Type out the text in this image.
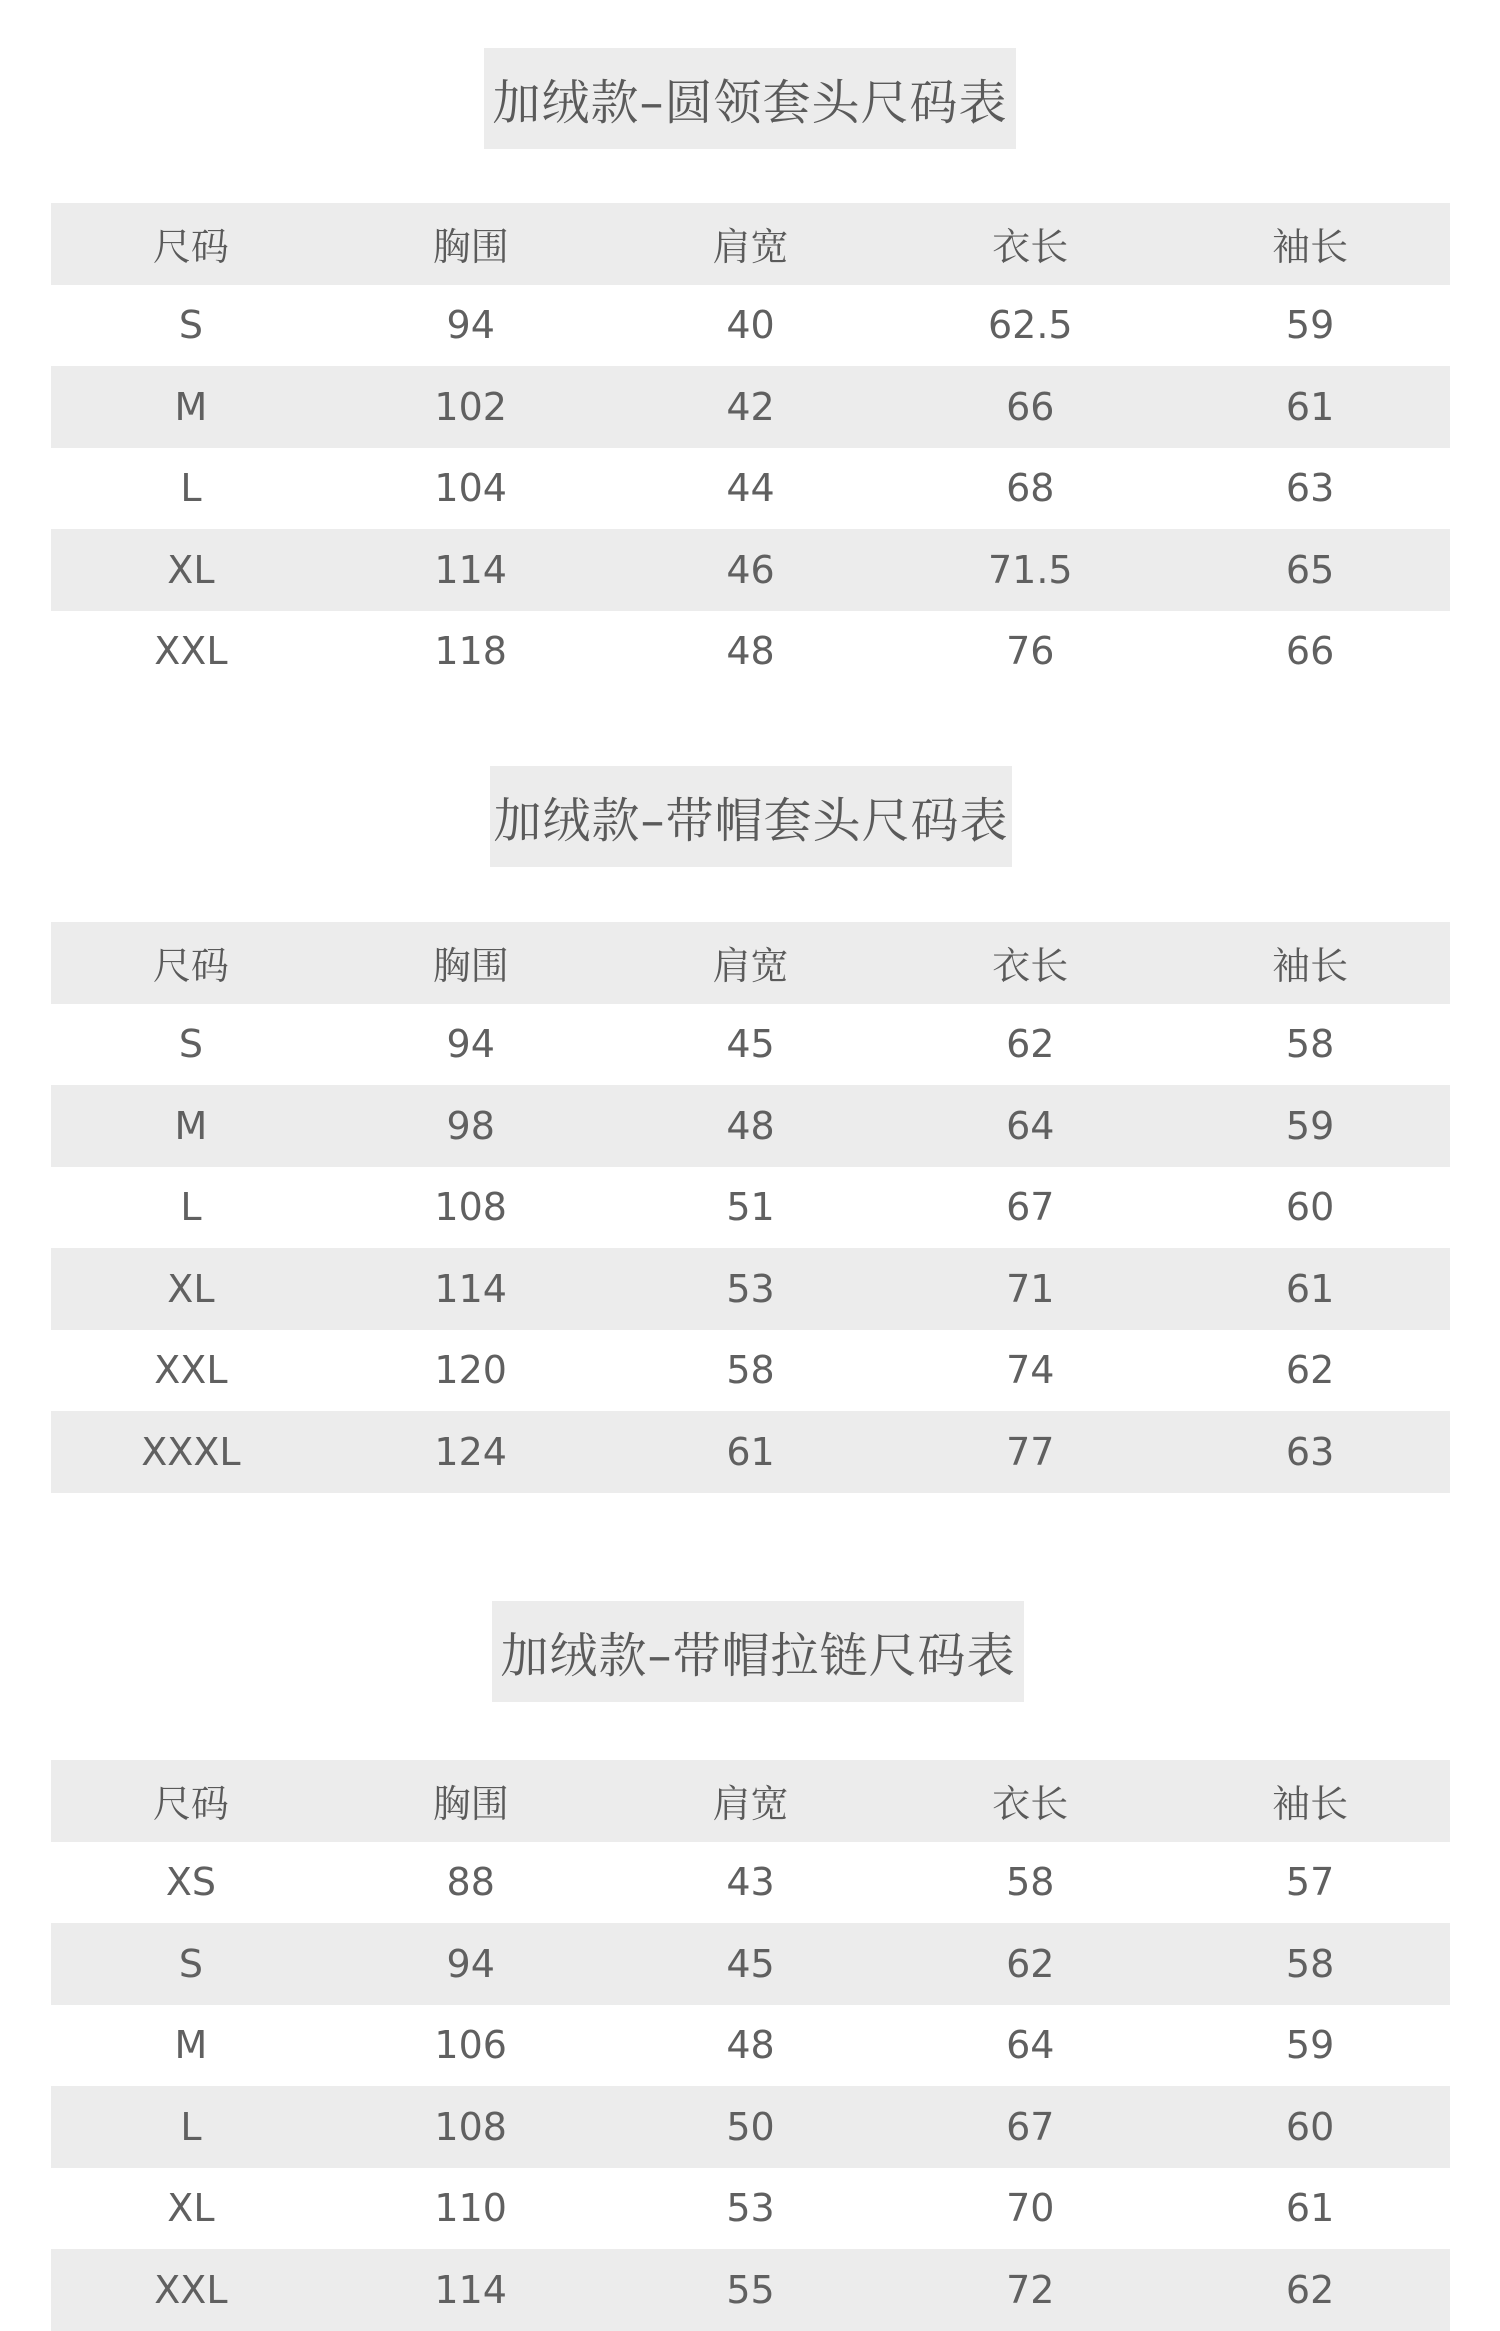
加绒款–圆领套头尺码表
尺码	胸围	肩宽	衣长	袖长
S	94	40	62.5	59
M	102	42	66	61
L	104	44	68	63
XL	114	46	71.5	65
XXL	118	48	76	66
加绒款–带帽套头尺码表
尺码	胸围	肩宽	衣长	袖长
S	94	45	62	58
M	98	48	64	59
L	108	51	67	60
XL	114	53	71	61
XXL	120	58	74	62
XXXL	124	61	77	63
加绒款–带帽拉链尺码表
尺码	胸围	肩宽	衣长	袖长
XS	88	43	58	57
S	94	45	62	58
M	106	48	64	59
L	108	50	67	60
XL	110	53	70	61
XXL	114	55	72	62
